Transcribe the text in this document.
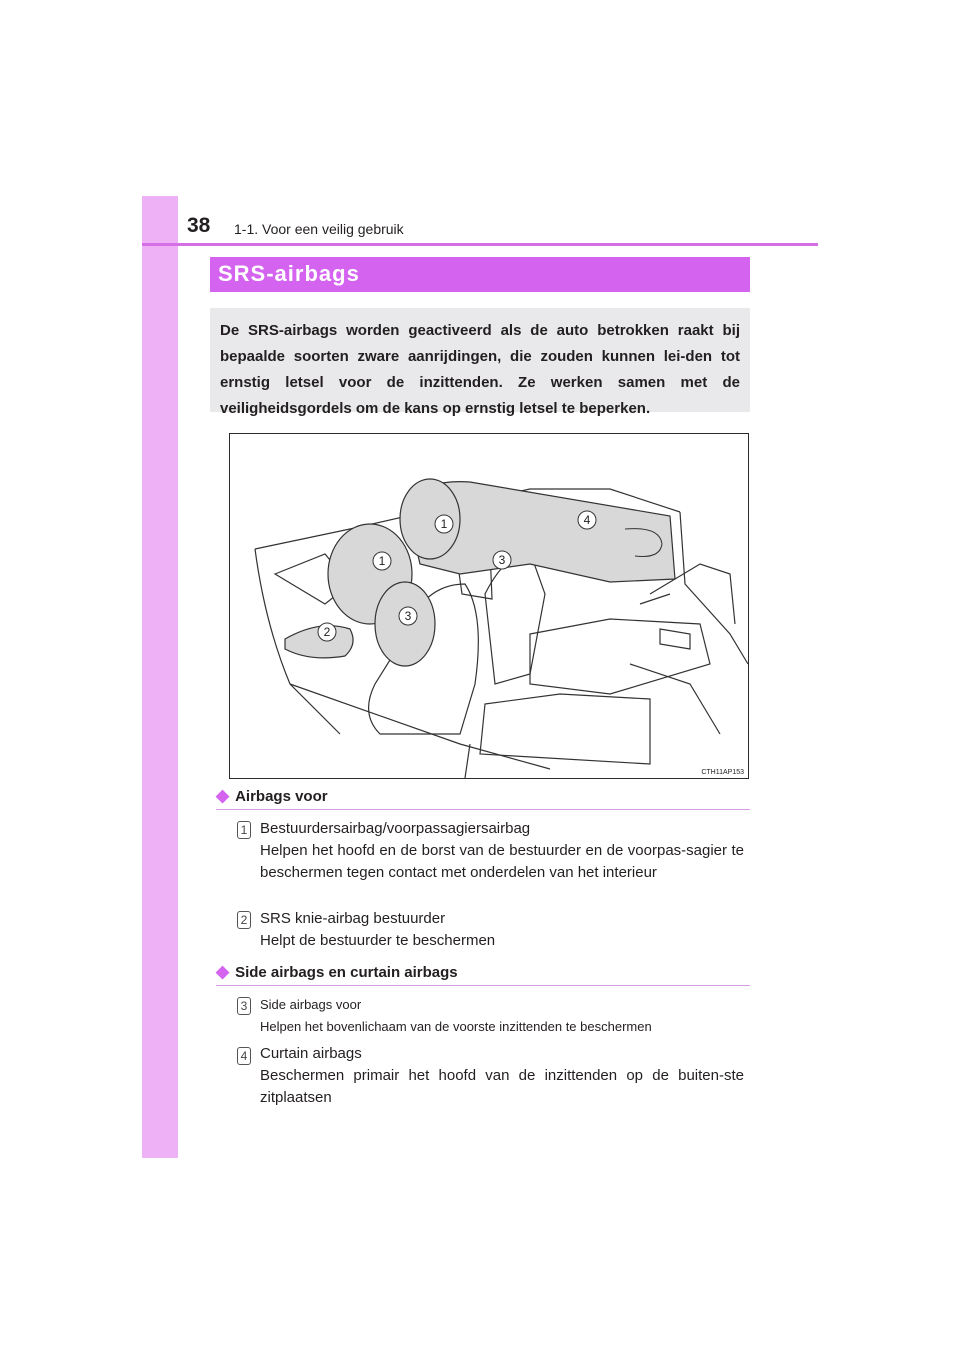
38 1-1. Voor een veilig gebruik
SRS-airbags
De SRS-airbags worden geactiveerd als de auto betrokken raakt bij bepaalde soorten zware aanrijdingen, die zouden kunnen lei-den tot ernstig letsel voor de inzittenden. Ze werken samen met de veiligheidsgordels om de kans op ernstig letsel te beperken.
1	4
1	3
3
2
CTH11AP153
◆ Airbags voor
1 Bestuurdersairbag/voorpassagiersairbag
Helpen het hoofd en de borst van de bestuurder en de voorpas-sagier te beschermen tegen contact met onderdelen van het interieur
2 SRS knie-airbag bestuurder
Helpt de bestuurder te beschermen
◆ Side airbags en curtain airbags
3 Side airbags voor
Helpen het bovenlichaam van de voorste inzittenden te beschermen
4 Curtain airbags
Beschermen primair het hoofd van de inzittenden op de buiten-ste zitplaatsen
